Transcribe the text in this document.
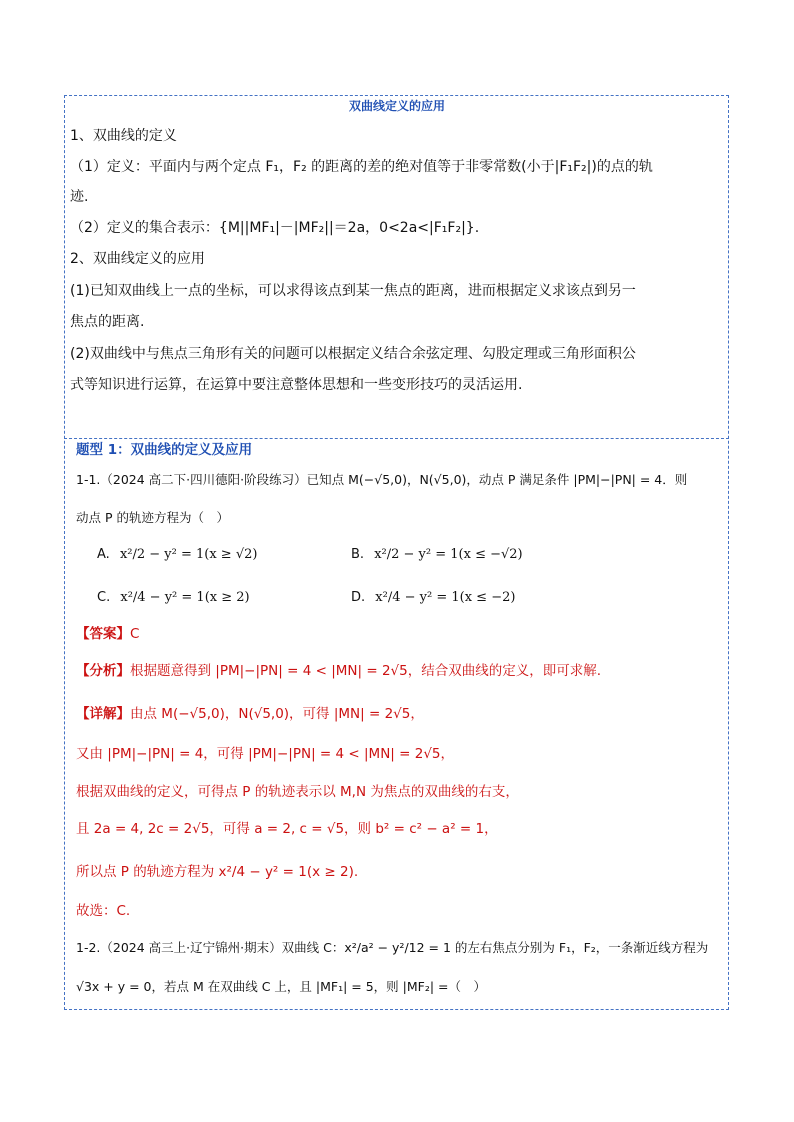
双曲线定义的应用
1、双曲线的定义
（1）定义：平面内与两个定点 F₁，F₂ 的距离的差的绝对值等于非零常数(小于|F₁F₂|)的点的轨
迹.
（2）定义的集合表示：{M||MF₁|－|MF₂||＝2a，0<2a<|F₁F₂|}.
2、双曲线定义的应用
(1)已知双曲线上一点的坐标，可以求得该点到某一焦点的距离，进而根据定义求该点到另一
焦点的距离.
(2)双曲线中与焦点三角形有关的问题可以根据定义结合余弦定理、勾股定理或三角形面积公
式等知识进行运算，在运算中要注意整体思想和一些变形技巧的灵活运用.
题型 1：双曲线的定义及应用
1-1.（2024 高二下·四川德阳·阶段练习）已知点 M(−√5,0)，N(√5,0)，动点 P 满足条件 |PM|−|PN| = 4．则
动点 P 的轨迹方程为（　）
A. x²/2 − y² = 1(x ≥ √2)	B. x²/2 − y² = 1(x ≤ −√2)
C. x²/4 − y² = 1(x ≥ 2)	D. x²/4 − y² = 1(x ≤ −2)
【答案】C
【分析】根据题意得到 |PM|−|PN| = 4 < |MN| = 2√5，结合双曲线的定义，即可求解.
【详解】由点 M(−√5,0)，N(√5,0)，可得 |MN| = 2√5，
又由 |PM|−|PN| = 4，可得 |PM|−|PN| = 4 < |MN| = 2√5，
根据双曲线的定义，可得点 P 的轨迹表示以 M,N 为焦点的双曲线的右支，
且 2a = 4, 2c = 2√5，可得 a = 2, c = √5，则 b² = c² − a² = 1，
所以点 P 的轨迹方程为 x²/4 − y² = 1(x ≥ 2).
故选：C.
1-2.（2024 高三上·辽宁锦州·期末）双曲线 C：x²/a² − y²/12 = 1 的左右焦点分别为 F₁，F₂，一条渐近线方程为
√3x + y = 0，若点 M 在双曲线 C 上，且 |MF₁| = 5，则 |MF₂| =（　）
